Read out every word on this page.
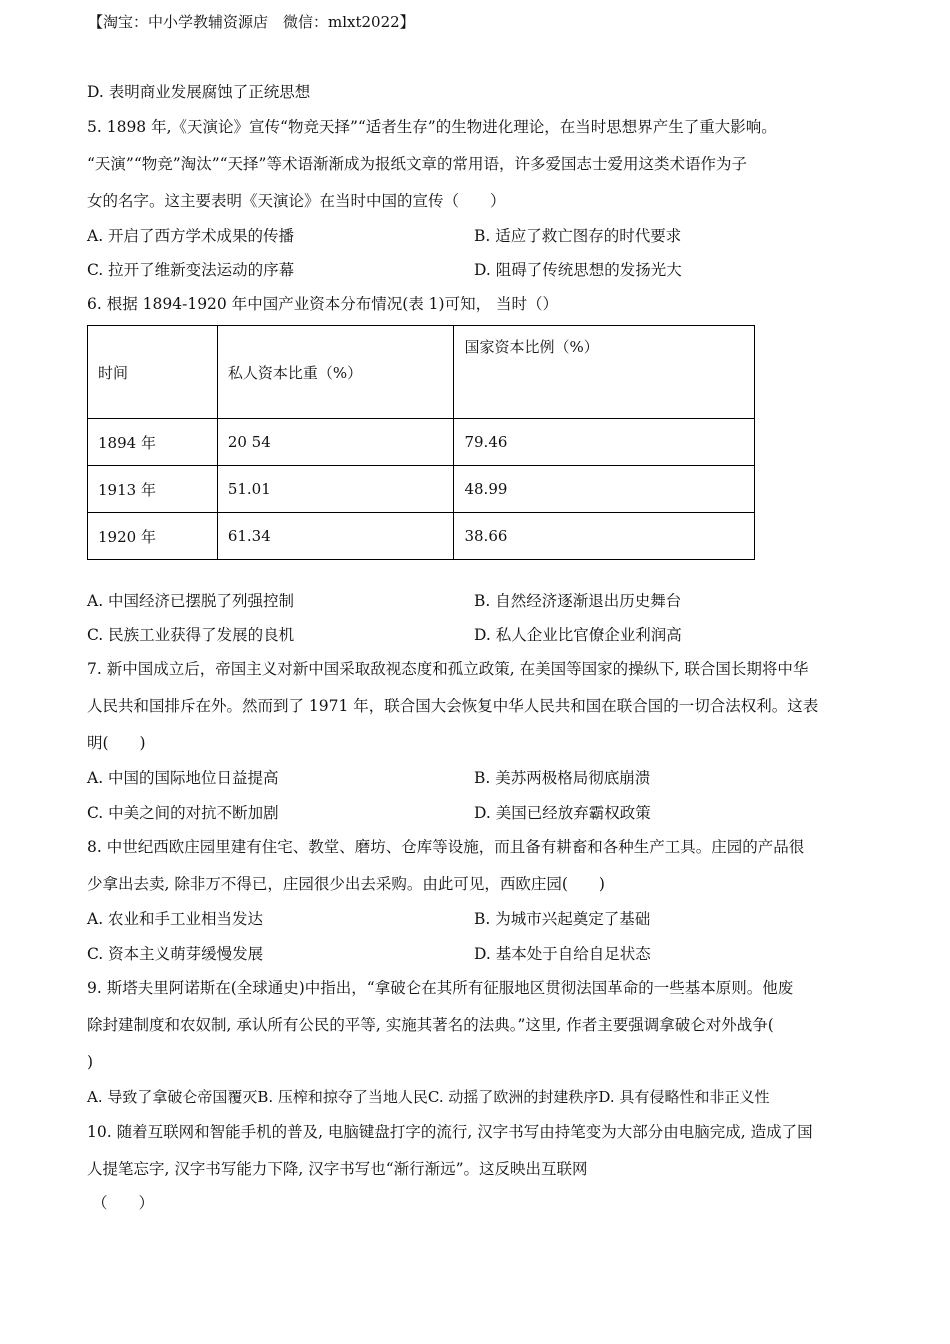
【淘宝：中小学教辅资源店　微信：mlxt2022】
D. 表明商业发展腐蚀了正统思想
5. 1898 年,《天演论》宣传“物竞天择”“适者生存”的生物进化理论，在当时思想界产生了重大影响。
“天演”“物竞”淘汰”“天择”等术语渐渐成为报纸文章的常用语，许多爱国志士爱用这类术语作为子
女的名字。这主要表明《天演论》在当时中国的宣传（　　）
A. 开启了西方学术成果的传播	B. 适应了救亡图存的时代要求
C. 拉开了维新变法运动的序幕	D. 阻碍了传统思想的发扬光大
6. 根据 1894-1920 年中国产业资本分布情况(表 1)可知， 当时（）
时间	私人资本比重（%）	国家资本比例（%）
1894 年	20 54	79.46
1913 年	51.01	48.99
1920 年	61.34	38.66
A. 中国经济已摆脱了列强控制	B. 自然经济逐渐退出历史舞台
C. 民族工业获得了发展的良机	D. 私人企业比官僚企业利润高
7. 新中国成立后，帝国主义对新中国采取敌视态度和孤立政策, 在美国等国家的操纵下, 联合国长期将中华
人民共和国排斥在外。然而到了 1971 年，联合国大会恢复中华人民共和国在联合国的一切合法权利。这表
明(　　)
A. 中国的国际地位日益提高	B. 美苏两极格局彻底崩溃
C. 中美之间的对抗不断加剧	D. 美国已经放弃霸权政策
8. 中世纪西欧庄园里建有住宅、教堂、磨坊、仓库等设施，而且备有耕畜和各种生产工具。庄园的产品很
少拿出去卖, 除非万不得已，庄园很少出去采购。由此可见，西欧庄园(　　)
A. 农业和手工业相当发达	B. 为城市兴起奠定了基础
C. 资本主义萌芽缓慢发展	D. 基本处于自给自足状态
9. 斯塔夫里阿诺斯在(全球通史)中指出，“拿破仑在其所有征服地区贯彻法国革命的一些基本原则。他废
除封建制度和农奴制, 承认所有公民的平等, 实施其著名的法典。”这里, 作者主要强调拿破仑对外战争(
)
A. 导致了拿破仑帝国覆灭B. 压榨和掠夺了当地人民C. 动摇了欧洲的封建秩序D. 具有侵略性和非正义性
10. 随着互联网和智能手机的普及, 电脑键盘打字的流行, 汉字书写由持笔变为大部分由电脑完成, 造成了国
人提笔忘字, 汉字书写能力下降, 汉字书写也“渐行渐远”。这反映出互联网
（　　）
